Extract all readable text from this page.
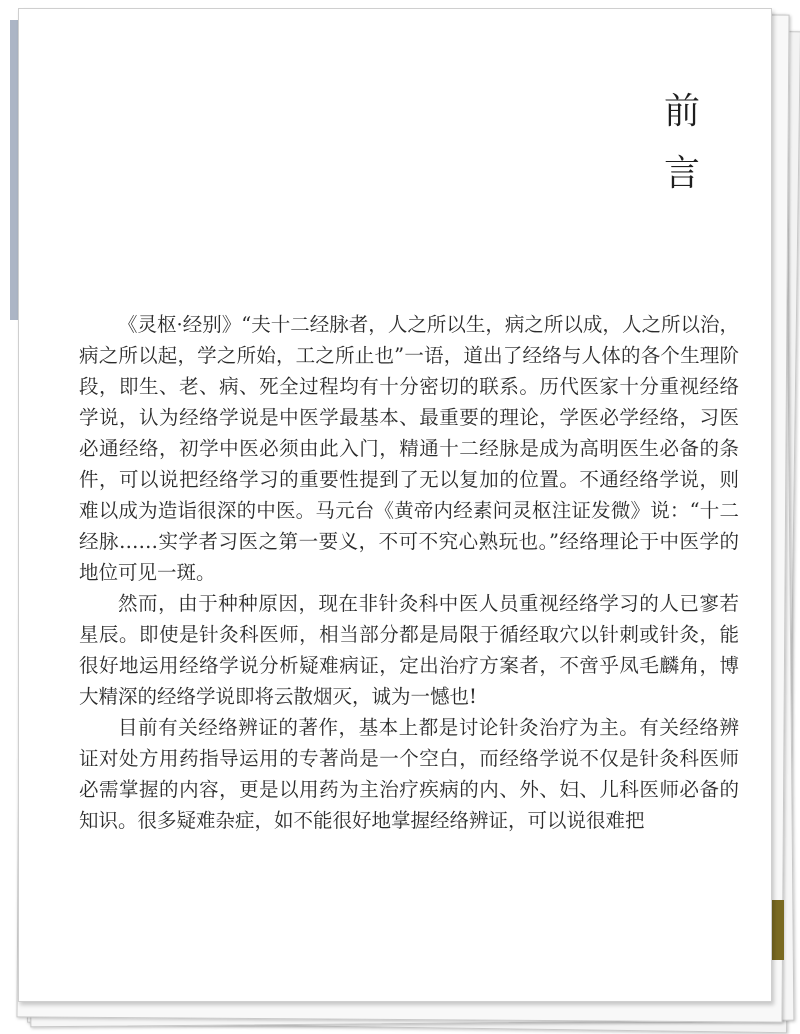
前
言

《灵枢·经别》“夫十二经脉者，人之所以生，病之所以成，人之所以治，病之所以起，学之所始，工之所止也”一语，道出了经络与人体的各个生理阶段，即生、老、病、死全过程均有十分密切的联系。历代医家十分重视经络学说，认为经络学说是中医学最基本、最重要的理论，学医必学经络，习医必通经络，初学中医必须由此入门，精通十二经脉是成为高明医生必备的条件，可以说把经络学习的重要性提到了无以复加的位置。不通经络学说，则难以成为造诣很深的中医。马元台《黄帝内经素问灵枢注证发微》说：“十二经脉……实学者习医之第一要义，不可不究心熟玩也。”经络理论于中医学的地位可见一斑。

然而，由于种种原因，现在非针灸科中医人员重视经络学习的人已寥若星辰。即使是针灸科医师，相当部分都是局限于循经取穴以针刺或针灸，能很好地运用经络学说分析疑难病证，定出治疗方案者，不啻乎凤毛麟角，博大精深的经络学说即将云散烟灭，诚为一憾也!

目前有关经络辨证的著作，基本上都是讨论针灸治疗为主。有关经络辨证对处方用药指导运用的专著尚是一个空白，而经络学说不仅是针灸科医师必需掌握的内容，更是以用药为主治疗疾病的内、外、妇、儿科医师必备的知识。很多疑难杂症，如不能很好地掌握经络辨证，可以说很难把
